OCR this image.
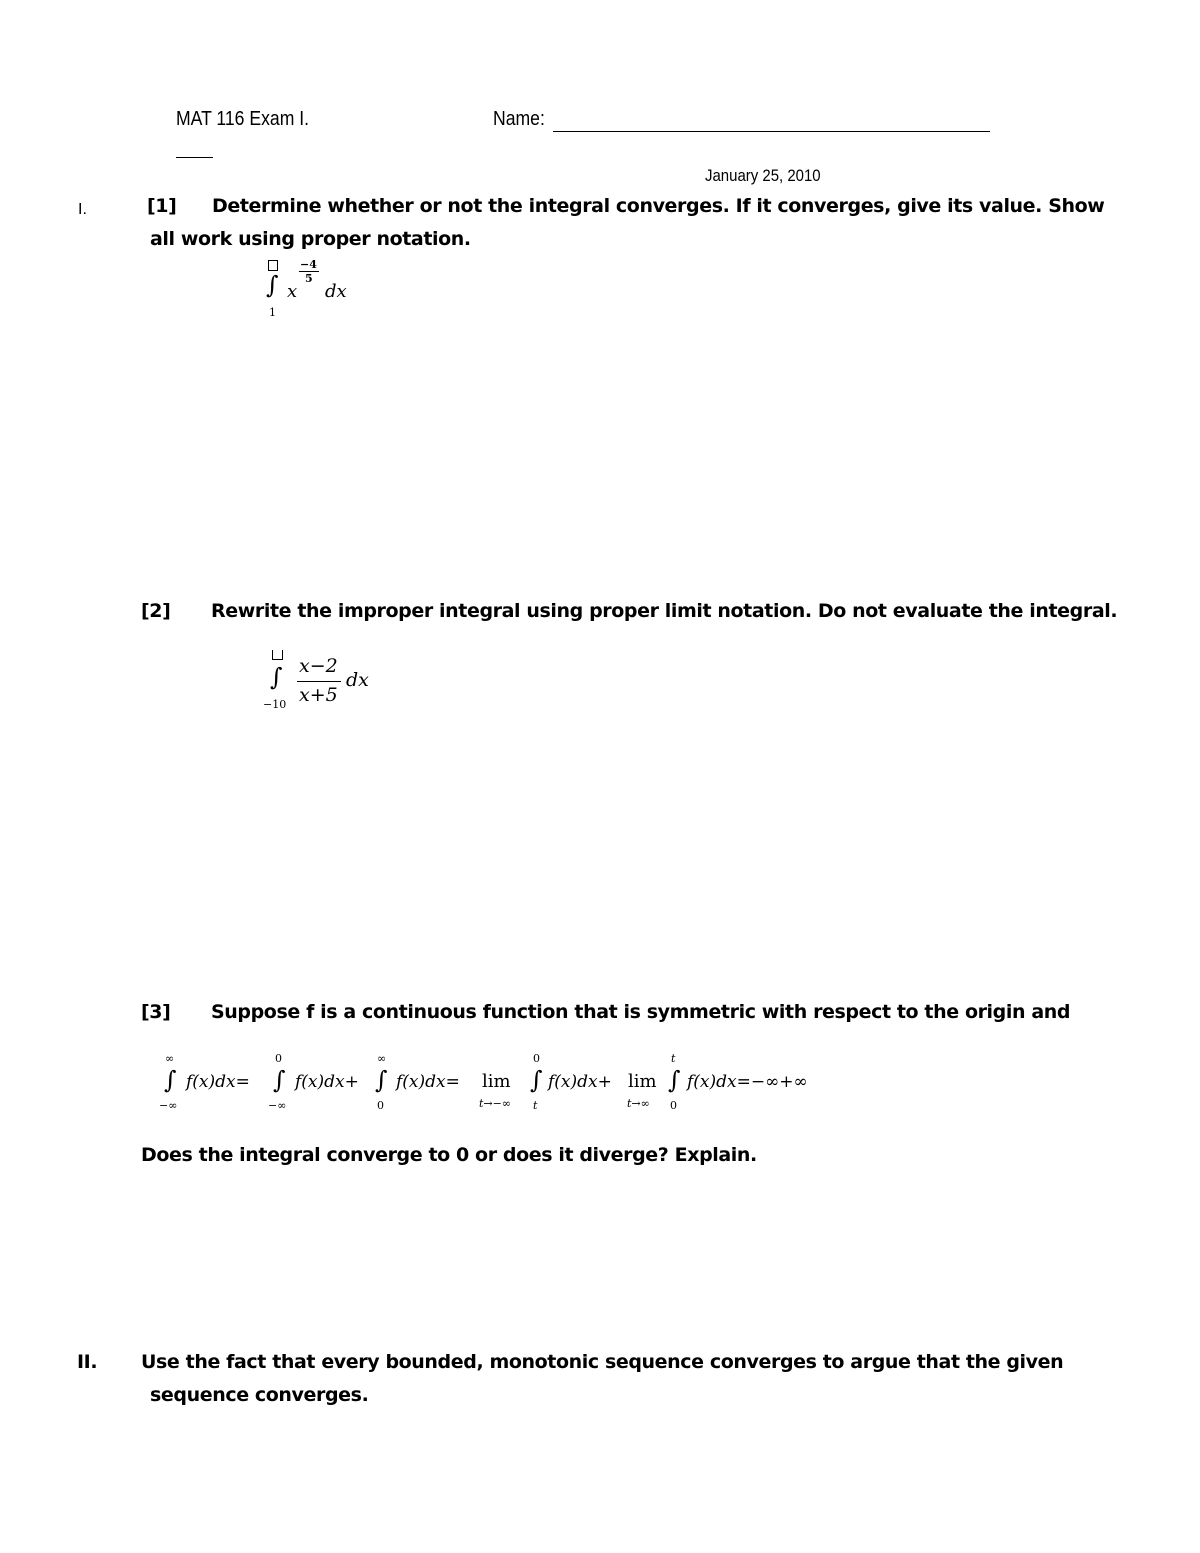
MAT 116 Exam I.	Name:
January 25, 2010
I.	[1] Determine whether or not the integral converges. If it converges, give its value. Show
all work using proper notation.
∫
1
x
−4
5
dx
[2] Rewrite the improper integral using proper limit notation. Do not evaluate the integral.
∫
−10
x−2
x+5
dx
[3] Suppose f is a continuous function that is symmetric with respect to the origin and
∞
∫
−∞
f(x)dx=
0
∫
−∞
f(x)dx+
∞
∫
0
f(x)dx= lim
t→−∞
0
∫
t
f(x)dx+ lim
t→∞
t
∫
0
f(x)dx=−∞+∞
Does the integral converge to 0 or does it diverge? Explain.
II. Use the fact that every bounded, monotonic sequence converges to argue that the given
sequence converges.
